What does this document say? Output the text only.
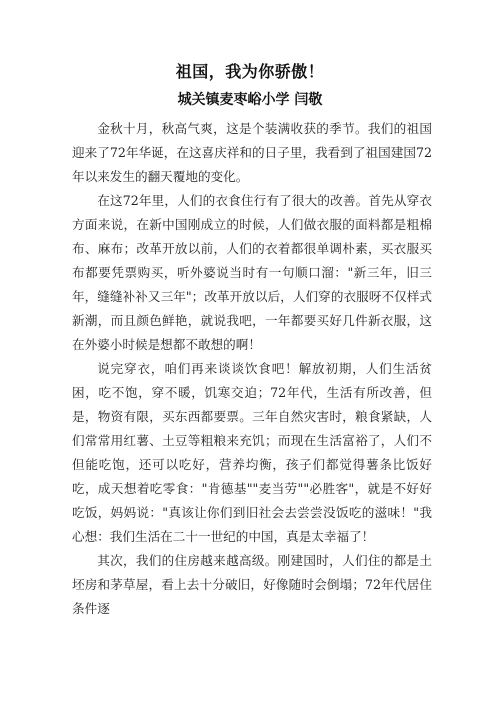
祖国，我为你骄傲！
城关镇麦枣峪小学 闫敬

金秋十月，秋高气爽，这是个装满收获的季节。我们的祖国迎来了72年华诞，在这喜庆祥和的日子里，我看到了祖国建国72年以来发生的翻天覆地的变化。

在这72年里，人们的衣食住行有了很大的改善。首先从穿衣方面来说，在新中国刚成立的时候，人们做衣服的面料都是粗棉布、麻布；改革开放以前，人们的衣着都很单调朴素，买衣服买布都要凭票购买，听外婆说当时有一句顺口溜："新三年，旧三年，缝缝补补又三年"；改革开放以后，人们穿的衣服呀不仅样式新潮，而且颜色鲜艳，就说我吧，一年都要买好几件新衣服，这在外婆小时候是想都不敢想的啊！

说完穿衣，咱们再来谈谈饮食吧！解放初期，人们生活贫困，吃不饱，穿不暖，饥寒交迫；72年代，生活有所改善，但是，物资有限，买东西都要票。三年自然灾害时，粮食紧缺，人们常常用红薯、土豆等粗粮来充饥；而现在生活富裕了，人们不但能吃饱，还可以吃好，营养均衡，孩子们都觉得薯条比饭好吃，成天想着吃零食："肯德基""麦当劳""必胜客"，就是不好好吃饭，妈妈说："真该让你们到旧社会去尝尝没饭吃的滋味！"我心想：我们生活在二十一世纪的中国，真是太幸福了！

其次，我们的住房越来越高级。刚建国时，人们住的都是土坯房和茅草屋，看上去十分破旧，好像随时会倒塌；72年代居住条件逐
